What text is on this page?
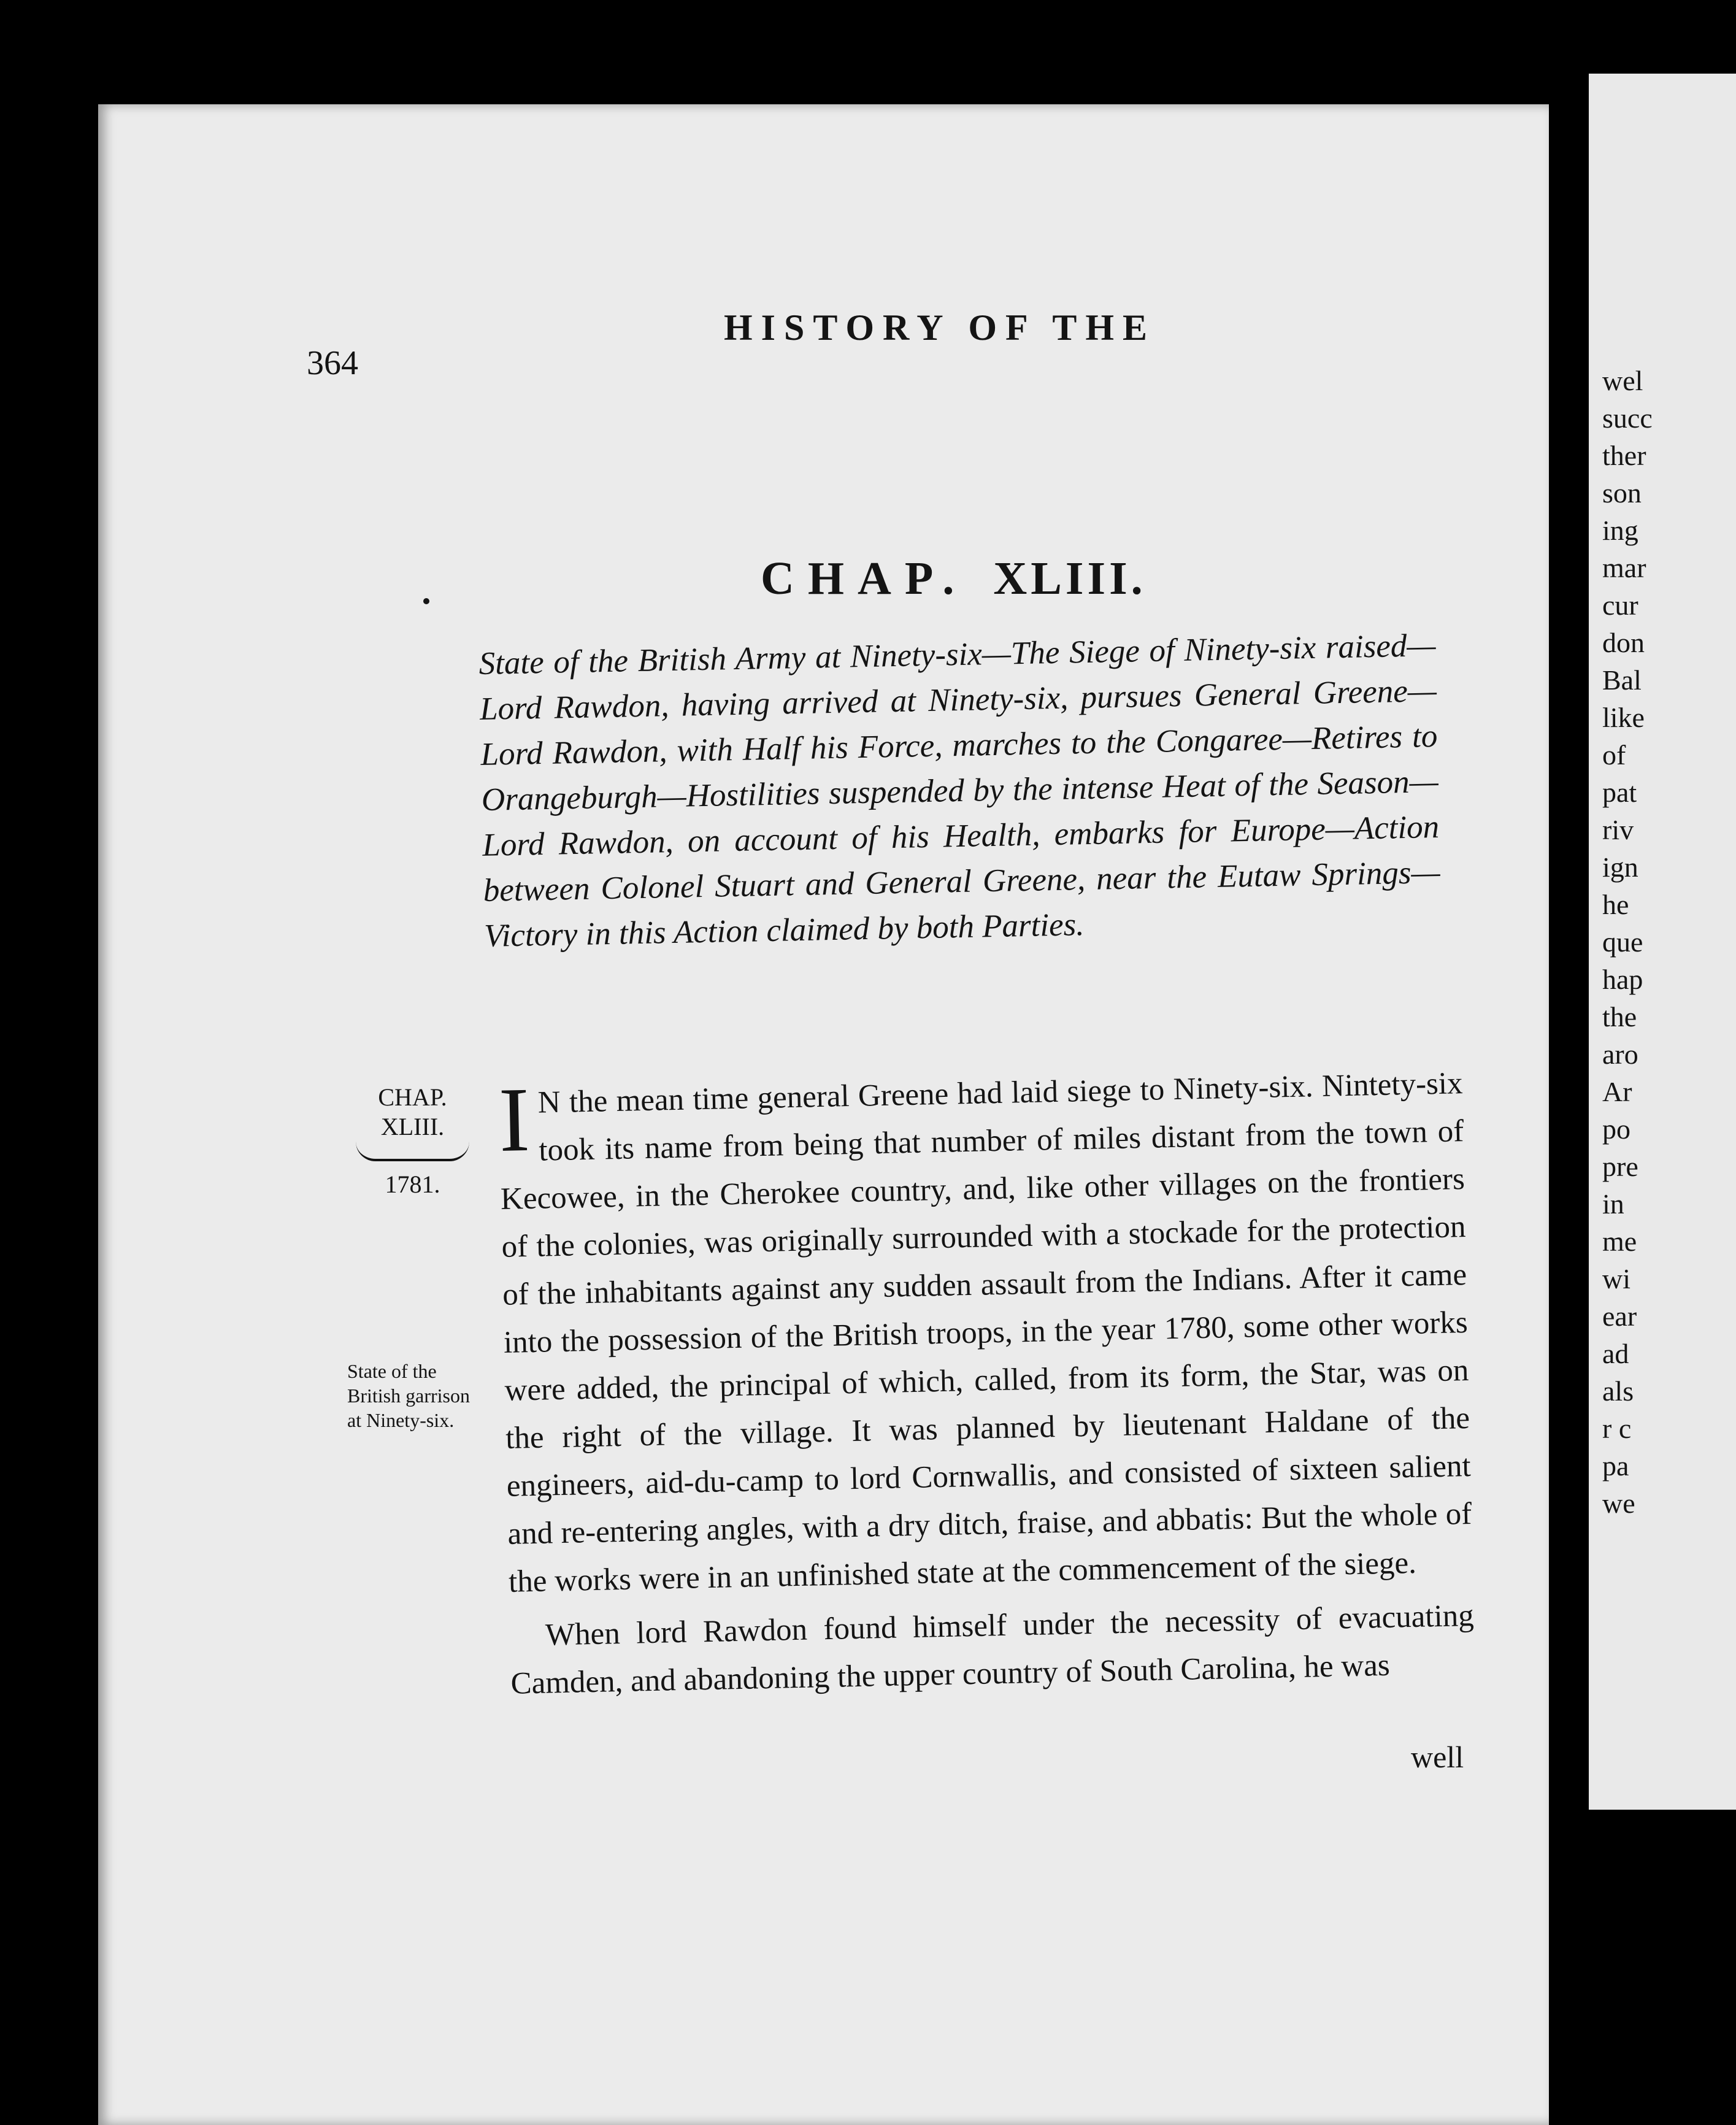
364
HISTORY OF THE
CHAP. XLIII.
State of the British Army at Ninety-six—The Siege of Ninety-six raised—Lord Rawdon, having arrived at Ninety-six, pursues General Greene—Lord Rawdon, with Half his Force, marches to the Congaree—Retires to Orangeburgh—Hostilities suspended by the intense Heat of the Season—Lord Rawdon, on account of his Health, embarks for Europe—Action between Colonel Stuart and General Greene, near the Eutaw Springs—Victory in this Action claimed by both Parties.
CHAP.
XLIII.
1781.
State of the British garrison at Ninety-six.

IN the mean time general Greene had laid siege to Ninety-six. Nintety-six took its name from being that number of miles distant from the town of Kecowee, in the Cherokee country, and, like other villages on the frontiers of the colonies, was originally surrounded with a stockade for the protection of the inhabitants against any sudden assault from the Indians. After it came into the possession of the British troops, in the year 1780, some other works were added, the principal of which, called, from its form, the Star, was on the right of the village. It was planned by lieutenant Haldane of the engineers, aid-du-camp to lord Cornwallis, and consisted of sixteen salient and re-entering angles, with a dry ditch, fraise, and abbatis: But the whole of the works were in an unfinished state at the commencement of the siege.

When lord Rawdon found himself under the necessity of evacuating Camden, and abandoning the upper country of South Carolina, he was

well
wel
succ
ther
son
ing
mar
cur
don
Bal
like
of
pat
riv
ign
he
que
hap
the
aro
Ar
po
pre
in
me
wi
ear
ad
als
r c
pa
we
